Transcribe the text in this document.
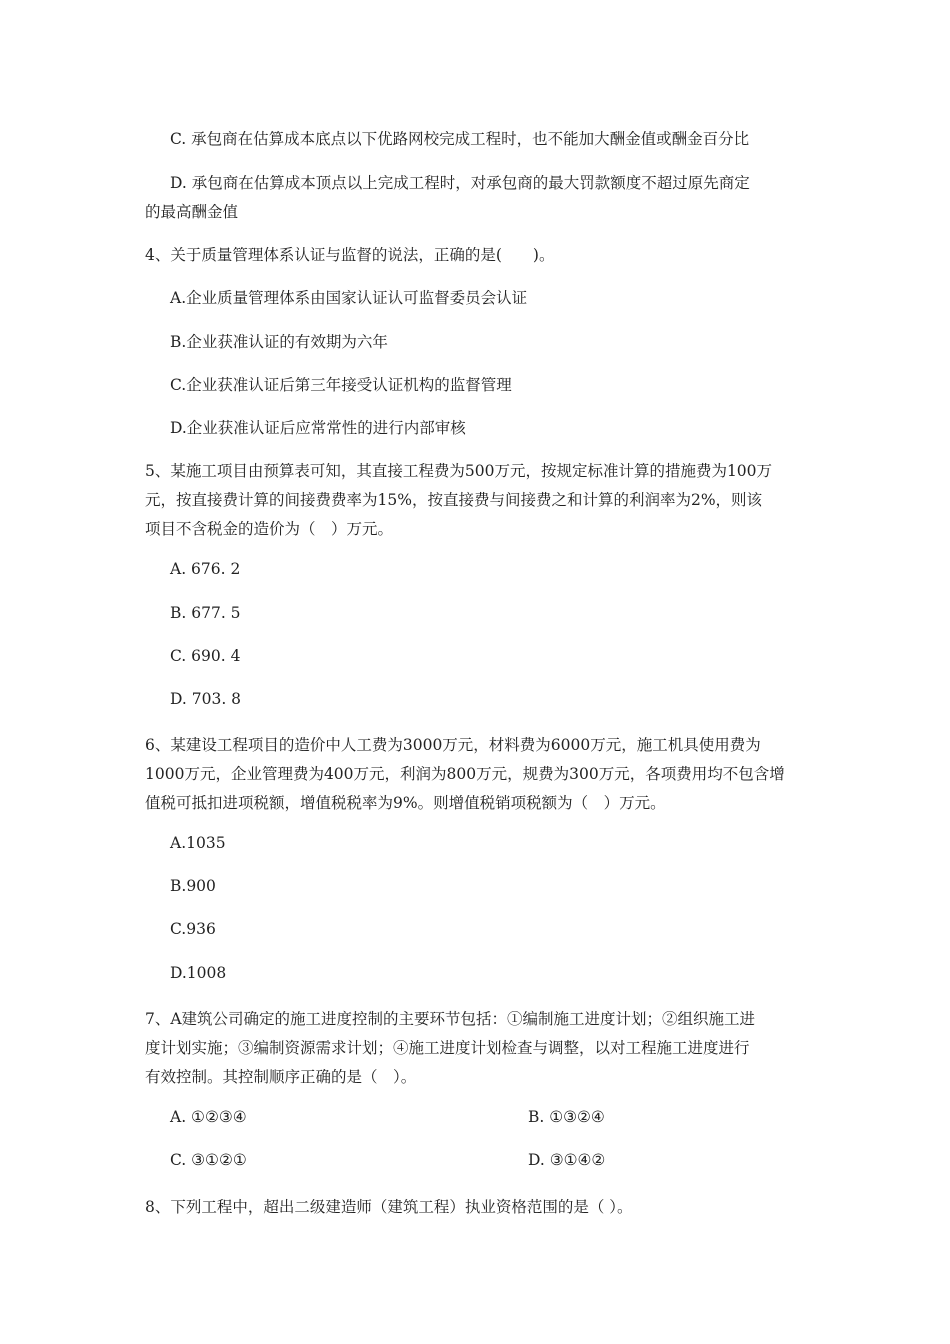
C. 承包商在估算成本底点以下优路网校完成工程时，也不能加大酬金值或酬金百分比
D. 承包商在估算成本顶点以上完成工程时，对承包商的最大罚款额度不超过原先商定
的最高酬金值
4、关于质量管理体系认证与监督的说法，正确的是(　　)。
A.企业质量管理体系由国家认证认可监督委员会认证
B.企业获准认证的有效期为六年
C.企业获准认证后第三年接受认证机构的监督管理
D.企业获准认证后应常常性的进行内部审核
5、某施工项目由预算表可知，其直接工程费为500万元，按规定标准计算的措施费为100万
元，按直接费计算的间接费费率为15%，按直接费与间接费之和计算的利润率为2%，则该
项目不含税金的造价为（　）万元。
A. 676. 2
B. 677. 5
C. 690. 4
D. 703. 8
6、某建设工程项目的造价中人工费为3000万元，材料费为6000万元，施工机具使用费为
1000万元，企业管理费为400万元，利润为800万元，规费为300万元，各项费用均不包含增
值税可抵扣进项税额，增值税税率为9%。则增值税销项税额为（　）万元。
A.1035
B.900
C.936
D.1008
7、A建筑公司确定的施工进度控制的主要环节包括：①编制施工进度计划；②组织施工进
度计划实施；③编制资源需求计划；④施工进度计划检查与调整，以对工程施工进度进行
有效控制。其控制顺序正确的是（　）。
A. ①②③④	B. ①③②④
C. ③①②①	D. ③①④②
8、下列工程中，超出二级建造师（建筑工程）执业资格范围的是（ ）。
